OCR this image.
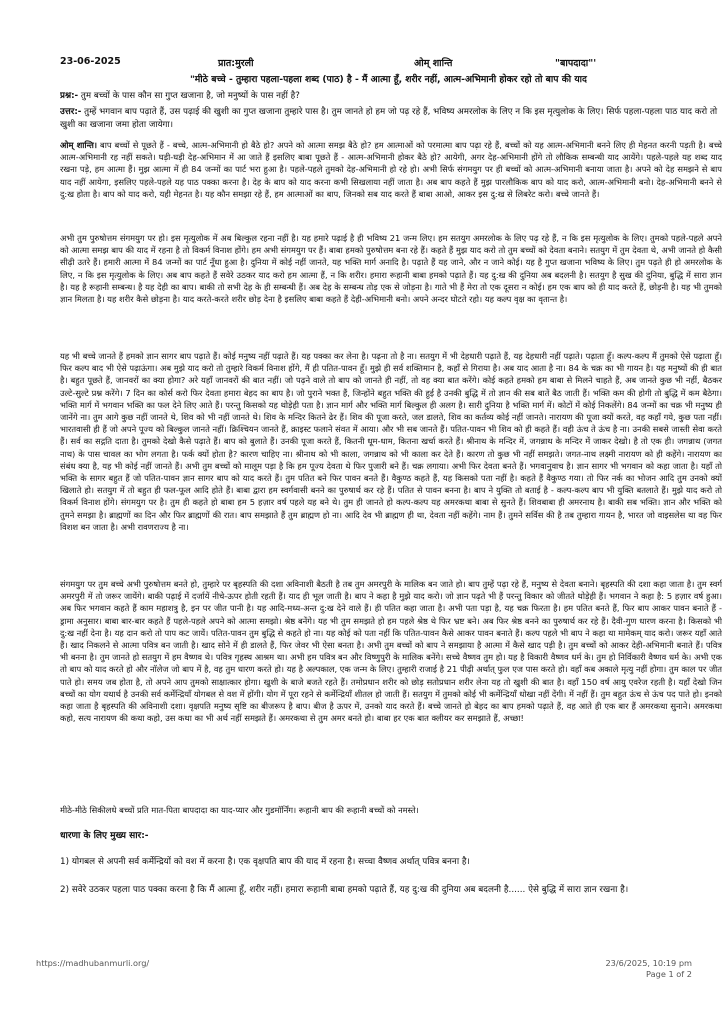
23-06-2025	प्रात:मुरली	ओम् शान्ति	"बापदादा"'
"मीठे बच्चे - तुम्हारा पहला-पहला शब्द (पाठ) है - मैं आत्मा हूँ, शरीर नहीं, आत्म-अभिमानी होकर रहो तो बाप की याद
प्रश्न:- तुम बच्चों के पास कौन सा गुप्त खजाना है, जो मनुष्यों के पास नहीं है?
उत्तर:- तुम्हें भगवान बाप पढ़ाते हैं, उस पढ़ाई की खुशी का गुप्त खजाना तुम्हारे पास है। तुम जानते हो हम जो पढ़ रहे हैं, भविष्य अमरलोक के लिए न कि इस मृत्युलोक के लिए। सिर्फ पहला-पहला पाठ याद करो तो खुशी का खजाना जमा होता जायेगा।
ओम् शान्ति। बाप बच्चों से पूछते हैं - बच्चे, आत्म-अभिमानी हो बैठे हो? अपने को आत्मा समझ बैठे हो? हम आत्माओं को परमात्मा बाप पढ़ा रहे हैं, बच्चों को यह आत्म-अभिमानी बनने लिए ही मेहनत करनी पड़ती है। बच्चे आत्म-अभिमानी रह नहीं सकते। घड़ी-घड़ी देह-अभिमान में आ जाते हैं इसलिए बाबा पूछते हैं - आत्म-अभिमानी होकर बैठे हो? आयेगी, अगर देह-अभिमानी होंगे तो लौकिक सम्बन्धी याद आयेंगे। पहले-पहले यह शब्द याद रखना पड़े, हम आत्मा हैं। मुझ आत्मा में ही 84 जन्मों का पार्ट भरा हुआ है। पहले-पहले तुमको देह-अभिमानी हो रहे हो। अभी सिर्फ संगमयुग पर ही बच्चों को आत्म-अभिमानी बनाया जाता है। अपने को देह समझने से बाप याद नहीं आयेगा, इसलिए पहले-पहले यह पाठ पक्का करना है। देह के बाप को याद करना कभी सिखलाया नहीं जाता है। अब बाप कहते हैं मुझ पारलौकिक बाप को याद करो, आत्म-अभिमानी बनो। देह-अभिमानी बनने से दु:ख होता है। बाप को याद करो, यही मेहनत है। यह कौन समझा रहे हैं, हम आत्माओं का बाप, जिनको सब याद करते हैं बाबा आओ, आकर इस दु:ख से लिबरेट करो। बच्चे जानते हैं।
अभी तुम पुरुषोत्तम संगमयुग पर हो। इस मृत्युलोक में अब बिल्कुल रहना नहीं है। यह हमारे पढ़ाई है ही भविष्य 21 जन्म लिए। हम सतयुग अमरलोक के लिए पढ़ रहे हैं, न कि इस मृत्युलोक के लिए। तुमको पहले-पहले अपने को आत्मा समझ बाप की याद में रहना है तो विकर्म विनाश होंगे। हम अभी संगमयुग पर हैं। बाबा हमको पुरुषोत्तम बना रहे हैं। कहते हैं मुझ याद करो तो तुम बच्चों को देवता बनाने। सतयुग में तुम देवता थे, अभी जानते हो कैसी सीढ़ी उतरे हैं। हमारी आत्मा में 84 जन्मों का पार्ट नूँधा हुआ है। दुनिया में कोई नहीं जानते, यह भक्ति मार्ग अनादि है। पढ़ाते हैं यह जाने, और न जाने कोई। यह है गुप्त खजाना भविष्य के लिए। तुम पढ़ते ही हो अमरलोक के लिए, न कि इस मृत्युलोक के लिए। अब बाप कहते हैं सवेरे उठकर याद करो हम आत्मा हैं, न कि शरीर। हमारा रूहानी बाबा हमको पढ़ाते हैं। यह दु:ख की दुनिया अब बदलनी है। सतयुग है सुख की दुनिया, बुद्धि में सारा ज्ञान है। यह है रूहानी सम्बन्ध। है यह देही का बाप। बाकी तो सभी देह के ही सम्बन्धी हैं। अब देह के सम्बन्ध तोड़ एक से जोड़ना है। गाते भी हैं मेरा तो एक दूसरा न कोई। हम एक बाप को ही याद करते हैं, छोड़नी है। यह भी तुमको ज्ञान मिलता है। यह शरीर कैसे छोड़ना है। याद करते-करते शरीर छोड़ देना है इसलिए बाबा कहते हैं देही-अभिमानी बनो। अपने अन्दर घोटते रहो। यह कल्प वृक्ष का वृतान्त है।
यह भी बच्चे जानते हैं हमको ज्ञान सागर बाप पढ़ाते हैं। कोई मनुष्य नहीं पढ़ाते हैं। यह पक्का कर लेना है। पढ़ना तो है ना। सतयुग में भी देहधारी पढ़ाते हैं, यह देहधारी नहीं पढ़ाते। पढ़ाता हूँ। कल्प-कल्प मैं तुमको ऐसे पढ़ाता हूँ। फिर कल्प बाद भी ऐसे पढ़ाऊंगा। अब मुझे याद करो तो तुम्हारे विकर्म विनाश होंगे, मैं ही पतित-पावन हूँ। मुझे ही सर्व शक्तिमान है, कहाँ से गिराया है। अब याद आता है ना। 84 के चक्र का भी गायन है। यह मनुष्यों की ही बात है। बहुत पूछते हैं, जानवरों का क्या होगा? अरे यहाँ जानवरों की बात नहीं। जो पढ़ने वाले तो बाप को जानते ही नहीं, तो वह क्या बात करेंगे। कोई कहते हमको हम बाबा से मिलने चाहते हैं, अब जानते कुछ भी नहीं, बैठकर उल्टे-सुल्टे प्रश्न करेंगे। 7 दिन का कोर्स करो फिर देवता हमारा बेहद का बाप है। जो पुराने भक्त हैं, जिन्होंने बहुत भक्ति की हुई है उनकी बुद्धि में तो ज्ञान की सब बातें बैठ जाती हैं। भक्ति कम की होगी तो बुद्धि में कम बैठेगा। भक्ति मार्ग में भगवान भक्ति का फल देने लिए आते हैं। परन्तु किसको यह थोड़ेही पता है। ज्ञान मार्ग और भक्ति मार्ग बिल्कुल ही अलग है। सारी दुनिया है भक्ति मार्ग में। कोटों में कोई निकलेंगे। 84 जन्मों का चक्र भी मनुष्य ही जानेंगे ना। तुम आगे कुछ नहीं जानते थे, शिव को भी नहीं जानते थे। शिव के मन्दिर कितने ढेर हैं। शिव की पूजा करते, जल डालते, शिव का कर्तव्य कोई नहीं जानते। नारायण की पूजा क्यों करते, वह कहाँ गये, कुछ पता नहीं। भारतवासी ही हैं जो अपने पूज्य को बिल्कुल जानते नहीं। क्रिश्चियन जानते हैं, क्राइस्ट फलाने संवत में आया। और भी सब जानते हैं। पतित-पावन भी शिव को ही कहते हैं। वही ऊंच ते ऊंच है ना। उनकी सबसे जास्ती सेवा करते हैं। सर्व का सद्गति दाता है। तुमको देखो कैसे पढ़ाते हैं। बाप को बुलाते हैं। उनकी पूजा करते हैं, कितनी धूम-धाम, कितना खर्चा करते हैं। श्रीनाथ के मन्दिर में, जगन्नाथ के मन्दिर में जाकर देखो। है तो एक ही। जगन्नाथ (जगत नाथ) के पास चावल का भोग लगता है। फर्क क्यों होता है? कारण चाहिए ना। श्रीनाथ को भी काला, जगन्नाथ को भी काला कर देते हैं। कारण तो कुछ भी नहीं समझते। जगत-नाथ लक्ष्मी नारायण को ही कहेंगे। नारायण का संबंध क्या है, यह भी कोई नहीं जानते हैं। अभी तुम बच्चों को मालूम पड़ा है कि हम पूज्य देवता थे फिर पुजारी बने हैं। चक्र लगाया। अभी फिर देवता बनते हैं। भगवानुवाच है। ज्ञान सागर भी भगवान को कहा जाता है। यहाँ तो भक्ति के सागर बहुत हैं जो पतित-पावन ज्ञान सागर बाप को याद करते हैं। तुम पतित बने फिर पावन बनते हैं। वैकुण्ठ कहते हैं, यह किसको पता नहीं है। कहते हैं वैकुण्ठ गया। तो फिर नर्क का भोजन आदि तुम उनको क्यों खिलाते हो। सतयुग में तो बहुत ही फल-फूल आदि होते हैं। बाबा द्वारा हम स्वर्गवासी बनने का पुरुषार्थ कर रहे हैं। पतित से पावन बनना है। बाप ने युक्ति तो बताई है - कल्प-कल्प बाप भी युक्ति बतलाते हैं। मुझे याद करो तो विकर्म विनाश होंगे। संगमयुग पर है। तुम ही कहते हो बाबा हम 5 हज़ार वर्ष पहले यह बने थे। तुम ही जानते हो कल्प-कल्प यह अमरकथा बाबा से सुनते हैं। शिवबाबा ही अमरनाथ है। बाकी सब भक्ति। ज्ञान और भक्ति को तुमने समझा है। ब्राह्मणों का दिन और फिर ब्राह्मणों की रात। बाप समझाते हैं तुम ब्राह्मण हो ना। आदि देव भी ब्राह्मण ही था, देवता नहीं कहेंगे। नाम हैं। तुमने सर्विस की है तब तुम्हारा गायन है, भारत जो वाइसलेस था वह फिर विशश बन जाता है। अभी रावणराज्य है ना।
संगमयुग पर तुम बच्चे अभी पुरुषोत्तम बनते हो, तुम्हारे पर बृहस्पति की दशा अविनाशी बैठती है तब तुम अमरपुरी के मालिक बन जाते हो। बाप तुम्हें पढ़ा रहे हैं, मनुष्य से देवता बनाने। बृहस्पति की दशा कहा जाता है। तुम स्वर्ग अमरपुरी में तो जरूर जायेंगे। बाकी पढ़ाई में दर्जायें नीचे-ऊपर होती रहती हैं। याद ही भूल जाती है। बाप ने कहा है मुझे याद करो। जो ज्ञान पढ़ते भी हैं परन्तु विकार को जीतते थोड़ेही हैं। भगवान ने कहा है: 5 हज़ार वर्ष हुआ। अब फिर भगवान कहते हैं काम महाशत्रु है, इन पर जीत पानी है। यह आदि-मध्य-अन्त दु:ख देने वाले हैं। ही पतित कहा जाता है। अभी पता पड़ा है, यह चक्र फिरता है। हम पतित बनते हैं, फिर बाप आकर पावन बनाते हैं - ड्रामा अनुसार। बाबा बार-बार कहते हैं पहले-पहले अपने को आत्मा समझो। श्रेष्ठ बनेंगे। यह भी तुम समझते हो हम पहले श्रेष्ठ थे फिर भ्रष्ट बने। अब फिर श्रेष्ठ बनने का पुरुषार्थ कर रहे हैं। दैवी-गुण धारण करना है। किसको भी दु:ख नहीं देना है। यह दान करो तो पाप कट जायें। पतित-पावन तुम बुद्धि से कहते हो ना। यह कोई को पता नहीं कि पतित-पावन कैसे आकर पावन बनाते हैं। कल्प पहले भी बाप ने कहा था मामेकम् याद करो। जरूर यहाँ आते हैं। खाद निकलने से आत्मा पवित्र बन जाती है। खाद सोने में ही डालते हैं, फिर जेवर भी ऐसा बनता है। अभी तुम बच्चों को बाप ने समझाया है आत्मा में कैसे खाद पड़ी है। तुम बच्चों को आकर देही-अभिमानी बनाते हैं। पवित्र भी बनना है। तुम जानते हो सतयुग में हम वैष्णव थे। पवित्र गृहस्थ आश्रम था। अभी हम पवित्र बन और विष्णुपुरी के मालिक बनेंगे। सच्चे वैष्णव तुम हो। यह है विकारी वैष्णव धर्म के। तुम हो निर्विकारी वैष्णव धर्म के। अभी एक तो बाप को याद करते हो और नॉलेज जो बाप में है, वह तुम धारण करते हो। यह है अल्पकाल, एक जन्म के लिए। तुम्हारी राजाई है 21 पीढ़ी अर्थात् फुल एज पास करते हो। वहाँ कब अकाले मृत्यु नहीं होगा। तुम काल पर जीत पाते हो। समय जब होता है, तो अपने आप तुमको साक्षात्कार होगा। खुशी के बाजे बजते रहते हैं। तमोप्रधान शरीर को छोड़ सतोप्रधान शरीर लेना यह तो खुशी की बात है। वहाँ 150 वर्ष आयु एवरेज रहती है। यहाँ देखो जिन बच्चों का योग यथार्थ है उनकी सर्व कर्मेन्द्रियाँ योगबल से वश में होंगी। योग में पूरा रहने से कर्मेन्द्रियाँ शीतल हो जाती हैं। सतयुग में तुमको कोई भी कर्मेन्द्रियाँ धोखा नहीं देंगी। में नहीं हैं। तुम बहुत ऊंच से ऊंच पद पाते हो। इनको कहा जाता है बृहस्पति की अविनाशी दशा। वृक्षपति मनुष्य सृष्टि का बीजरूप है बाप। बीज है ऊपर में, उनको याद करते हैं। बच्चे जानते हो बेहद का बाप हमको पढ़ाते हैं, वह आते ही एक बार हैं अमरकथा सुनाने। अमरकथा कहो, सत्य नारायण की कथा कहो, उस कथा का भी अर्थ नहीं समझते हैं। अमरकथा से तुम अमर बनते हो। बाबा हर एक बात क्लीयर कर समझाते हैं, अच्छा!
मीठे-मीठे सिकीलधे बच्चों प्रति मात-पिता बापदादा का याद-प्यार और गुडमॉर्निंग। रूहानी बाप की रूहानी बच्चों को नमस्ते।
धारणा के लिए मुख्य सार:-
1) योगबल से अपनी सर्व कर्मेन्द्रियों को वश में करना है। एक वृक्षपति बाप की याद में रहना है। सच्चा वैष्णव अर्थात् पवित्र बनना है।
2) सवेरे उठकर पहला पाठ पक्का करना है कि मैं आत्मा हूँ, शरीर नहीं। हमारा रूहानी बाबा हमको पढ़ाते हैं, यह दु:ख की दुनिया अब बदलनी है...... ऐसे बुद्धि में सारा ज्ञान रखना है।
https://madhubanmurli.org/	23/6/2025, 10:19 pm
Page 1 of 2
